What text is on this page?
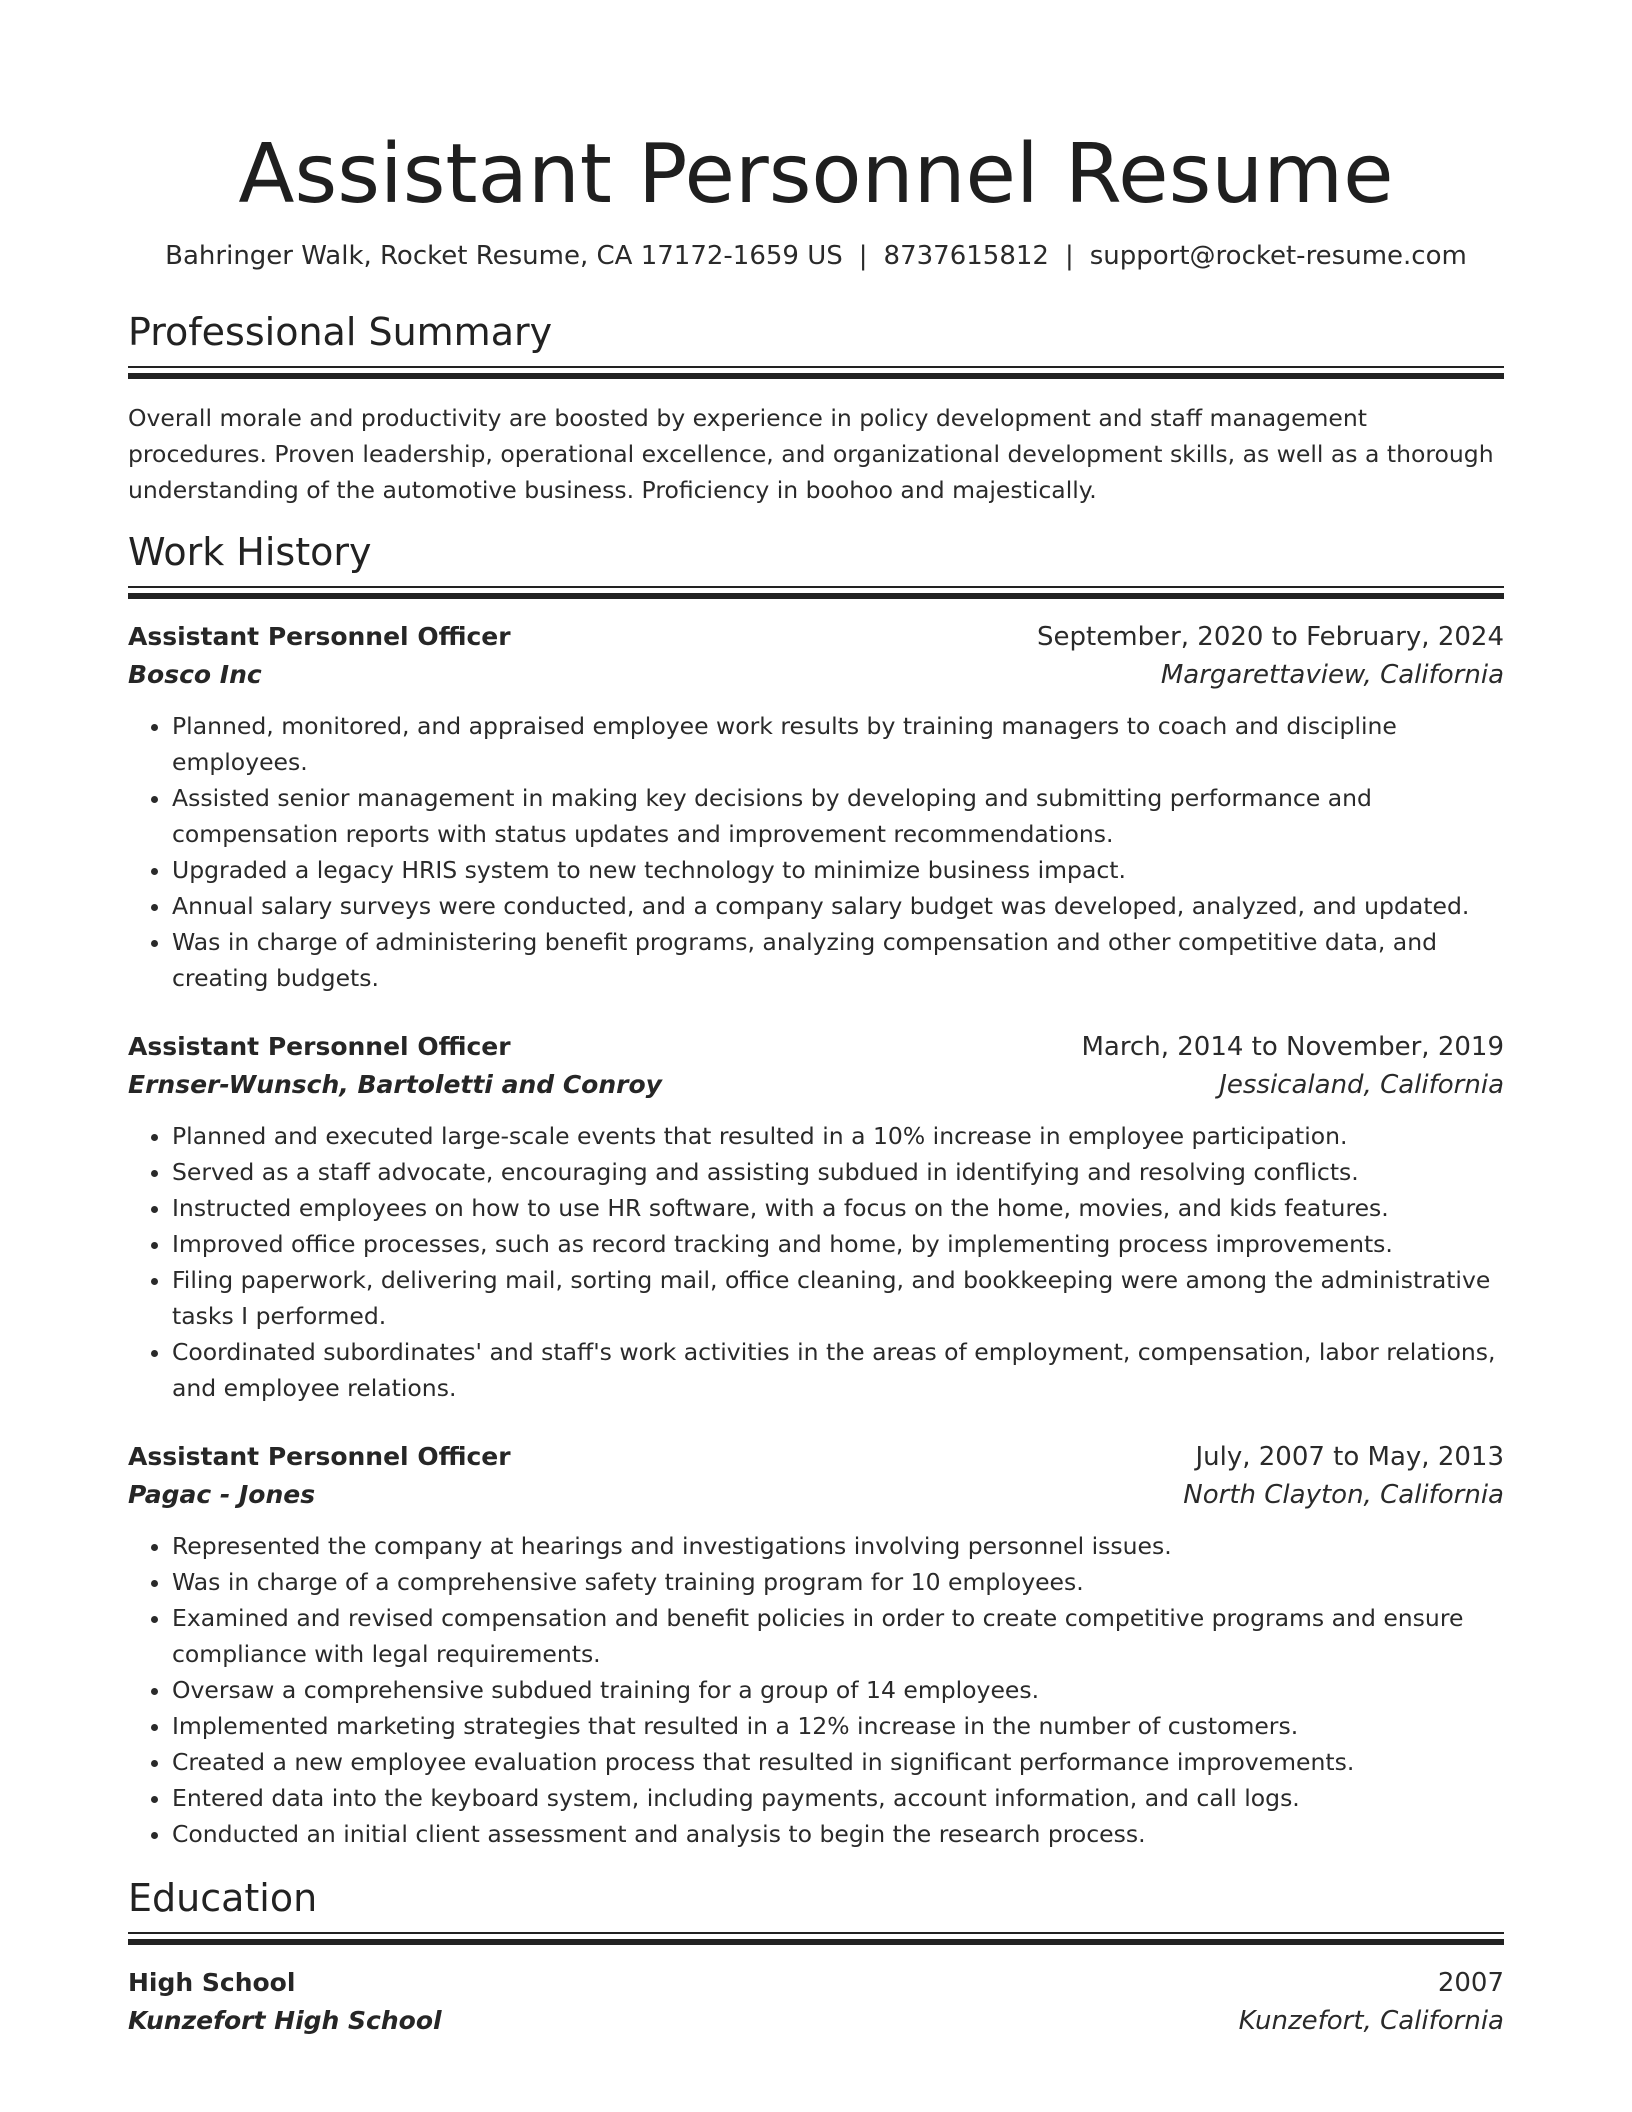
Assistant Personnel Resume
Bahringer Walk, Rocket Resume, CA 17172-1659 US | 8737615812 | support@rocket-resume.com
Professional Summary

Overall morale and productivity are boosted by experience in policy development and staff management procedures. Proven leadership, operational excellence, and organizational development skills, as well as a thorough understanding of the automotive business. Proficiency in boohoo and majestically.

Work History
Assistant Personnel Officer	September, 2020 to February, 2024
Bosco Inc	Margarettaview, California
• Planned, monitored, and appraised employee work results by training managers to coach and discipline employees.
• Assisted senior management in making key decisions by developing and submitting performance and compensation reports with status updates and improvement recommendations.
• Upgraded a legacy HRIS system to new technology to minimize business impact.
• Annual salary surveys were conducted, and a company salary budget was developed, analyzed, and updated.
• Was in charge of administering benefit programs, analyzing compensation and other competitive data, and creating budgets.
Assistant Personnel Officer	March, 2014 to November, 2019
Ernser-Wunsch, Bartoletti and Conroy	Jessicaland, California
• Planned and executed large-scale events that resulted in a 10% increase in employee participation.
• Served as a staff advocate, encouraging and assisting subdued in identifying and resolving conflicts.
• Instructed employees on how to use HR software, with a focus on the home, movies, and kids features.
• Improved office processes, such as record tracking and home, by implementing process improvements.
• Filing paperwork, delivering mail, sorting mail, office cleaning, and bookkeeping were among the administrative tasks I performed.
• Coordinated subordinates' and staff's work activities in the areas of employment, compensation, labor relations, and employee relations.
Assistant Personnel Officer	July, 2007 to May, 2013
Pagac - Jones	North Clayton, California
• Represented the company at hearings and investigations involving personnel issues.
• Was in charge of a comprehensive safety training program for 10 employees.
• Examined and revised compensation and benefit policies in order to create competitive programs and ensure compliance with legal requirements.
• Oversaw a comprehensive subdued training for a group of 14 employees.
• Implemented marketing strategies that resulted in a 12% increase in the number of customers.
• Created a new employee evaluation process that resulted in significant performance improvements.
• Entered data into the keyboard system, including payments, account information, and call logs.
• Conducted an initial client assessment and analysis to begin the research process.
Education
High School	2007
Kunzefort High School	Kunzefort, California
